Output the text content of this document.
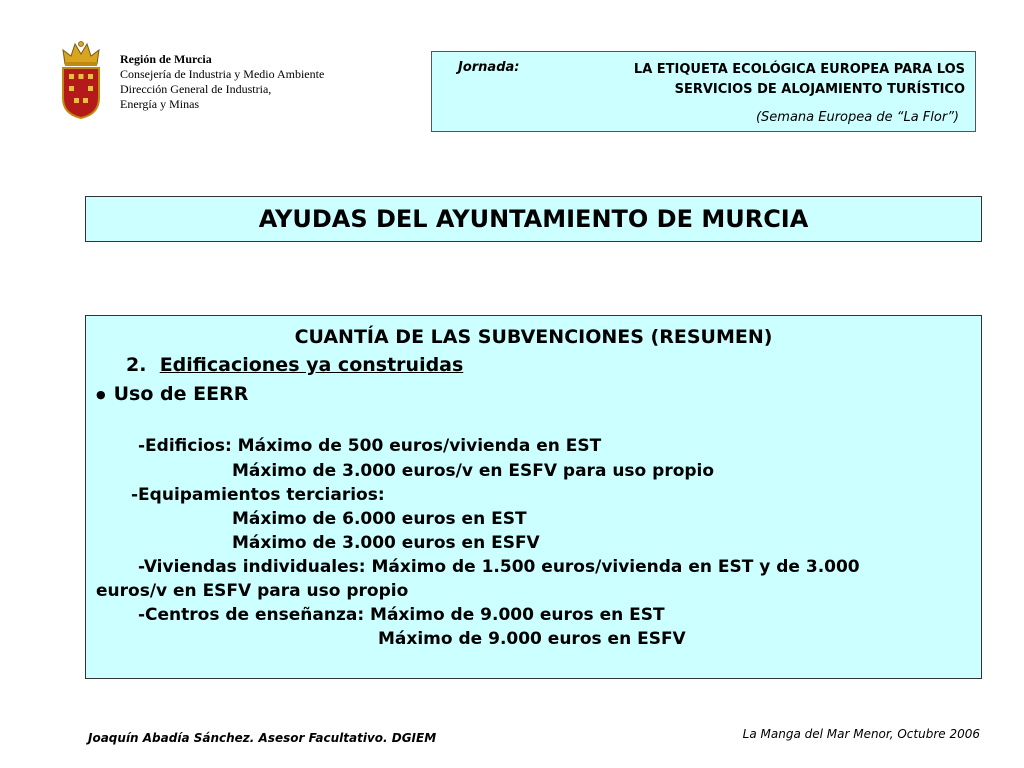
Región de Murcia
Consejería de Industria y Medio Ambiente
Dirección General de Industria,
Energía y Minas
Jornada:	LA ETIQUETA ECOLÓGICA EUROPEA PARA LOS
SERVICIOS DE ALOJAMIENTO TURÍSTICO
(Semana Europea de “La Flor”)
AYUDAS DEL AYUNTAMIENTO DE MURCIA
CUANTÍA DE LAS SUBVENCIONES (RESUMEN)
2. Edificaciones ya construidas
● Uso de EERR
-Edificios: Máximo de 500 euros/vivienda en EST
Máximo de 3.000 euros/v en ESFV para uso propio
-Equipamientos terciarios:
Máximo de 6.000 euros en EST
Máximo de 3.000 euros en ESFV
-Viviendas individuales: Máximo de 1.500 euros/vivienda en EST y de 3.000
euros/v en ESFV para uso propio
-Centros de enseñanza: Máximo de 9.000 euros en EST
Máximo de 9.000 euros en ESFV
Joaquín Abadía Sánchez. Asesor Facultativo. DGIEM	La Manga del Mar Menor, Octubre 2006
